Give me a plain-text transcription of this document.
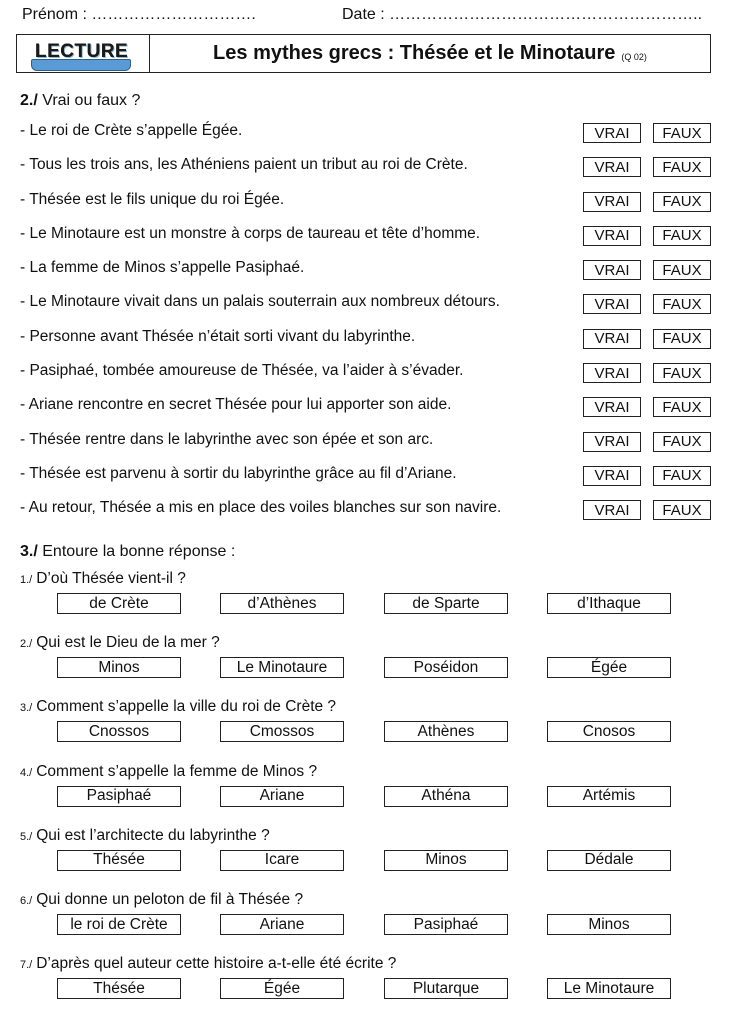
Prénom : ………………………….	Date : …………………………………………………..
LECTURE	Les mythes grecs : Thésée et le Minotaure (Q 02)
2./ Vrai ou faux ?
- Le roi de Crète s’appelle Égée.	VRAI	FAUX
- Tous les trois ans, les Athéniens paient un tribut au roi de Crète.	VRAI	FAUX
- Thésée est le fils unique du roi Égée.	VRAI	FAUX
- Le Minotaure est un monstre à corps de taureau et tête d’homme.	VRAI	FAUX
- La femme de Minos s’appelle Pasiphaé.	VRAI	FAUX
- Le Minotaure vivait dans un palais souterrain aux nombreux détours.	VRAI	FAUX
- Personne avant Thésée n’était sorti vivant du labyrinthe.	VRAI	FAUX
- Pasiphaé, tombée amoureuse de Thésée, va l’aider à s’évader.	VRAI	FAUX
- Ariane rencontre en secret Thésée pour lui apporter son aide.	VRAI	FAUX
- Thésée rentre dans le labyrinthe avec son épée et son arc.	VRAI	FAUX
- Thésée est parvenu à sortir du labyrinthe grâce au fil d’Ariane.	VRAI	FAUX
- Au retour, Thésée a mis en place des voiles blanches sur son navire.	VRAI	FAUX
3./ Entoure la bonne réponse :
1./ D’où Thésée vient-il ?
de Crète	d’Athènes	de Sparte	d’Ithaque
2./ Qui est le Dieu de la mer ?
Minos	Le Minotaure	Poséidon	Égée
3./ Comment s’appelle la ville du roi de Crète ?
Cnossos	Cmossos	Athènes	Cnosos
4./ Comment s’appelle la femme de Minos ?
Pasiphaé	Ariane	Athéna	Artémis
5./ Qui est l’architecte du labyrinthe ?
Thésée	Icare	Minos	Dédale
6./ Qui donne un peloton de fil à Thésée ?
le roi de Crète	Ariane	Pasiphaé	Minos
7./ D’après quel auteur cette histoire a-t-elle été écrite ?
Thésée	Égée	Plutarque	Le Minotaure
